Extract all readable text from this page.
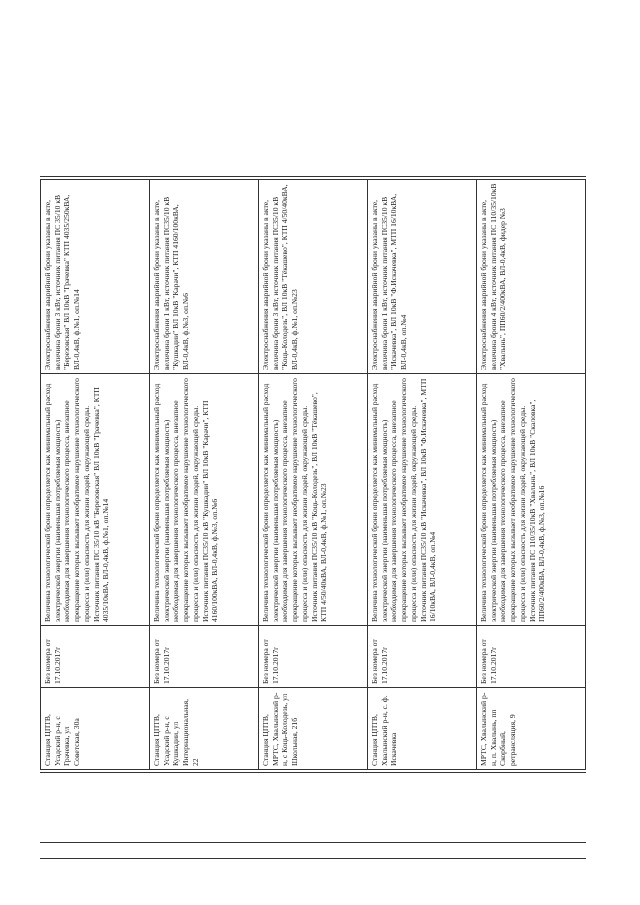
Станция ЦПТВ, Усадский р-н, с Грачевка, ул Советская, 30а	Без номера от 17.10.2017г	Величина технологической брони определяется как минимальный расход электрической энергии (наименьшая потребляемая мощность) необходимая для завершения технологического процесса, внезапное прекращение которых вызывает необратимое нарушение технологического процесса и (или) опасность для жизни людей, окружающей среды. Источник питания ПС 35/10 кВ "Березовская" ВЛ 10кВ "Грачевка", КТП 4035/10кВА, ВЛ-0,4кВ, ф.№1, оп.№14	Электроснабжения аварийной брони указаны в акте, величина брони 3 кВт, источник питания ПС 35/10 кВ "Березовская" ВЛ 10кВ "Грачевка" КТП 4035/250кВА, ВЛ-0,4кВ, ф.№1, оп.№14
Станция ЦПТВ, Усадский р-н, с Кушкадии, ул Интернациональная, 22	Без номера от 17.10.2017г	Величина технологической брони определяется как минимальный расход электрической энергии (наименьшая потребляемая мощность) необходимая для завершения технологического процесса, внезапное прекращение которых вызывает необратимое нарушение технологического процесса и (или) опасность для жизни людей, окружающей среды. Источник питания ПС35/10 кВ "Кушкадии" ВЛ 10кВ "Карачи", КТП 4160/100кВА, ВЛ-0,4кВ, ф.№3, оп.№6	Электроснабжения аварийной брони указаны в акте, величина брони 1 кВт, источник питания ПС35/10 кВ "Кушкадии" ВЛ 10кВ "Карачи", КТП 4160/100кВА, ВЛ-0,4кВ, ф.№3, оп.№6
Станция ЦПТВ, МРТС, Хвалынский р-н, с Коць-Колодезь, ул Школьная, 21б	Без номера от 17.10.2017г	Величина технологической брони определяется как минимальный расход электрической энергии (наименьшая потребляемая мощность) необходимая для завершения технологического процесса, внезапное прекращение которых вызывает необратимое нарушение технологического процесса и (или) опасность для жизни людей, окружающей среды. Источник питания ПС35/10 кВ "Коць-Колодезь", ВЛ 10кВ "Тёкашево", КТП 4/50/40кВА, ВЛ-0,4кВ, ф.№1, оп.№23	Электроснабжения аварийной брони указаны в акте, величина брони 3 кВт, источник питания ПС35/10 кВ "Коць-Колодезь", ВЛ 10кВ "Тёкашево", КТП 4/50/40кВА, ВЛ-0,4кВ, ф.№1, оп.№23
Станция ЦПТВ, Хвалынский р-н, с. ф. Искачевка	Без номера от 17.10.2017г	Величина технологической брони определяется как минимальный расход электрической энергии (наименьшая потребляемая мощность) необходимая для завершения технологического процесса, внезапное прекращение которых вызывает необратимое нарушение технологического процесса и (или) опасность для жизни людей, окружающей среды. Источник питания ПС35/10 кВ "Искачевка", ВЛ 10кВ "Ф.Искачевка", МТП 16/10кВА, ВЛ-0,4кВ, оп.№4	Электроснабжения аварийной брони указаны в акте, величина брони 1 кВт, источник питания ПС35/10 кВ "Искачевка", ВЛ 10кВ "Ф.Искачевка", МТП 16/10кВА, ВЛ-0,4кВ, оп.№4
МРТС, Хвалынский р-н, п. Хвалынь, пп Скорбный, ретрансляция, 9	Без номера от 17.10.2017г	Величина технологической брони определяется как минимальный расход электрической энергии (наименьшая потребляемая мощность) необходимая для завершения технологического процесса, внезапное прекращение которых вызывает необратимое нарушение технологического процесса и (или) опасность для жизни людей, окружающей среды. Источник питания ПС 110/35/10кВ "Хвалынь", ВЛ 10кВ "Скаловка", ПП60/2/400кВА, ВЛ-0,4кВ, ф.№3, оп.№16	Электроснабжения аварийной брони указаны в акте, величина брони 4 кВт, источник питания ПС 110/35/10кВ "Хвалынь", ПП60/2/400кВА, ВЛ-0,4кВ, фидер №3
